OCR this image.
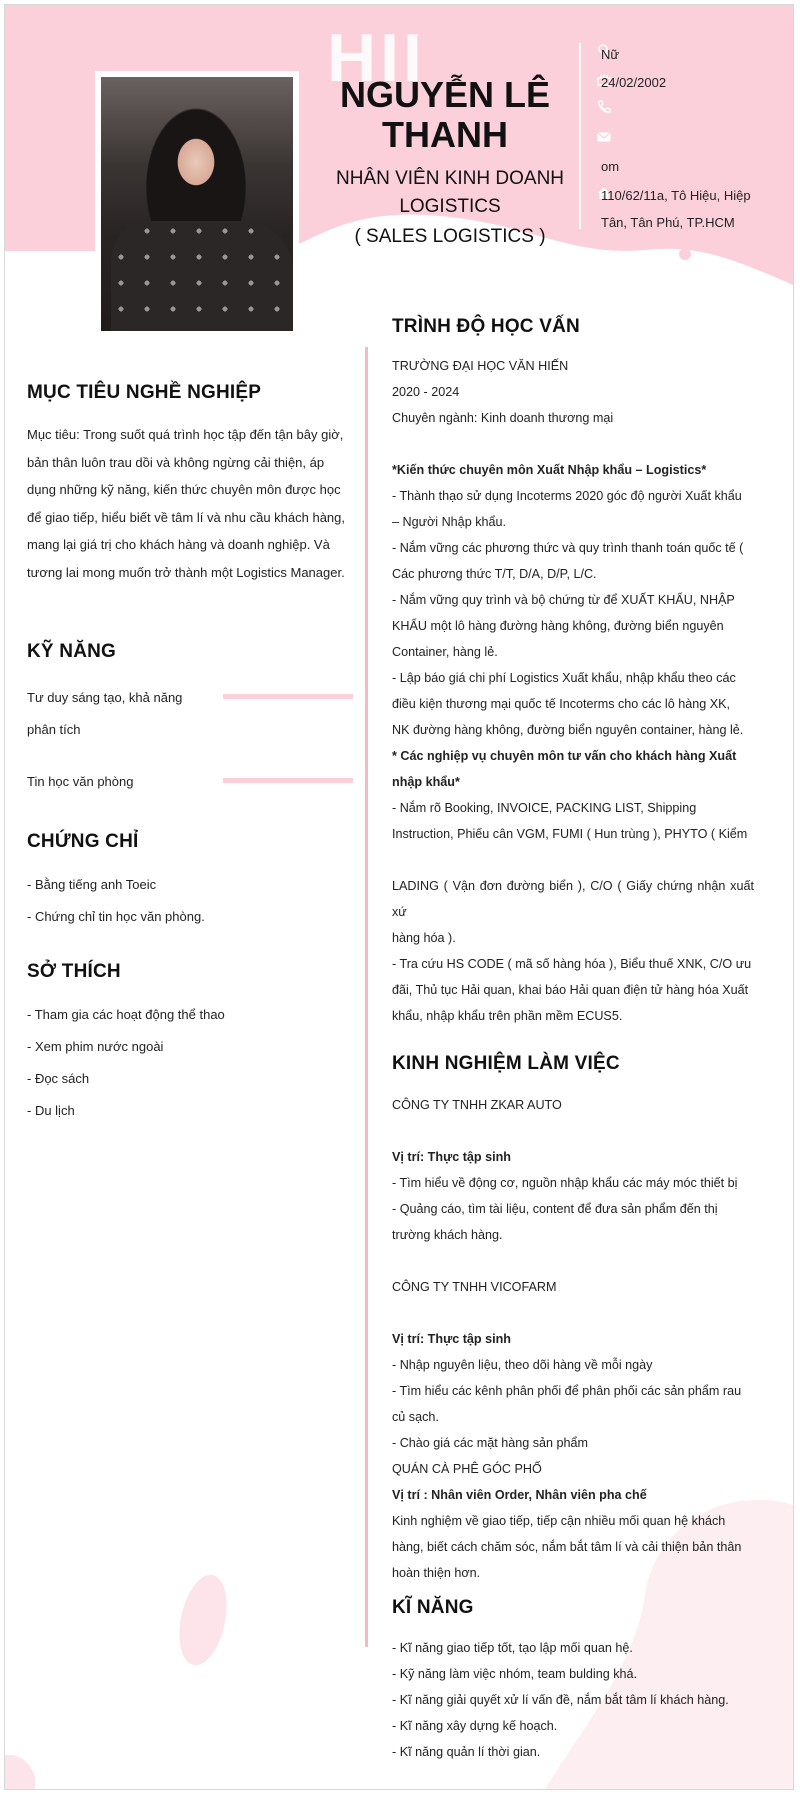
HII
NGUYỄN LÊ
THANH
NHÂN VIÊN KINH DOANH
LOGISTICS
( SALES LOGISTICS )
Nữ
24/02/2002
om
110/62/11a, Tô Hiệu, Hiệp
Tân, Tân Phú, TP.HCM
MỤC TIÊU NGHỀ NGHIỆP
Mục tiêu: Trong suốt quá trình học tập đến tận bây giờ,
bản thân luôn trau dồi và không ngừng cải thiện, áp
dụng những kỹ năng, kiến thức chuyên môn được học
để giao tiếp, hiểu biết về tâm lí và nhu cầu khách hàng,
mang lại giá trị cho khách hàng và doanh nghiệp. Và
tương lai mong muốn trở thành một Logistics Manager.
KỸ NĂNG
Tư duy sáng tạo, khả năng
phân tích
Tin học văn phòng
CHỨNG CHỈ
- Bằng tiếng anh Toeic
- Chứng chỉ tin học văn phòng.
SỞ THÍCH
- Tham gia các hoạt động thể thao
- Xem phim nước ngoài
- Đọc sách
- Du lịch
TRÌNH ĐỘ HỌC VẤN
TRƯỜNG ĐẠI HỌC VĂN HIẾN
2020 - 2024
Chuyên ngành: Kinh doanh thương mại

*Kiến thức chuyên môn Xuất Nhập khẩu – Logistics*
- Thành thạo sử dụng Incoterms 2020 góc độ người Xuất khẩu
– Người Nhập khẩu.
- Nắm vững các phương thức và quy trình thanh toán quốc tế (
Các phương thức T/T, D/A, D/P, L/C.
- Nắm vững quy trình và bộ chứng từ để XUẤT KHẨU, NHẬP
KHẨU một lô hàng đường hàng không, đường biển nguyên
Container, hàng lẻ.
- Lập báo giá chi phí Logistics Xuất khẩu, nhập khẩu theo các
điều kiện thương mại quốc tế Incoterms cho các lô hàng XK,
NK đường hàng không, đường biển nguyên container, hàng lẻ.
* Các nghiệp vụ chuyên môn tư vấn cho khách hàng Xuất
nhập khẩu*
- Nắm rõ Booking, INVOICE, PACKING LIST, Shipping
Instruction, Phiếu cân VGM, FUMI ( Hun trùng ), PHYTO ( Kiểm

LADING ( Vận đơn đường biển ), C/O ( Giấy chứng nhận xuất xứ
hàng hóa ).
- Tra cứu HS CODE ( mã số hàng hóa ), Biểu thuế XNK, C/O ưu
đãi, Thủ tục Hải quan, khai báo Hải quan điện tử hàng hóa Xuất
khẩu, nhập khẩu trên phần mềm ECUS5.
KINH NGHIỆM LÀM VIỆC
CÔNG TY TNHH ZKAR AUTO

Vị trí: Thực tập sinh
- Tìm hiểu về động cơ, nguồn nhập khẩu các máy móc thiết bị
- Quảng cáo, tìm tài liệu, content để đưa sản phẩm đến thị
trường khách hàng.

CÔNG TY TNHH VICOFARM

Vị trí: Thực tập sinh
- Nhập nguyên liệu, theo dõi hàng về mỗi ngày
- Tìm hiểu các kênh phân phối để phân phối các sản phẩm rau
củ sạch.
- Chào giá các mặt hàng sản phẩm
QUÁN CÀ PHÊ GÓC PHỐ
Vị trí : Nhân viên Order, Nhân viên pha chế
Kinh nghiệm về giao tiếp, tiếp cận nhiều mối quan hệ khách
hàng, biết cách chăm sóc, nắm bắt tâm lí và cải thiện bản thân
hoàn thiện hơn.
KĨ NĂNG
- Kĩ năng giao tiếp tốt, tạo lập mối quan hệ.
- Kỹ năng làm việc nhóm, team bulding khá.
- Kĩ năng giải quyết xử lí vấn đề, nắm bắt tâm lí khách hàng.
- Kĩ năng xây dựng kế hoạch.
- Kĩ năng quản lí thời gian.
